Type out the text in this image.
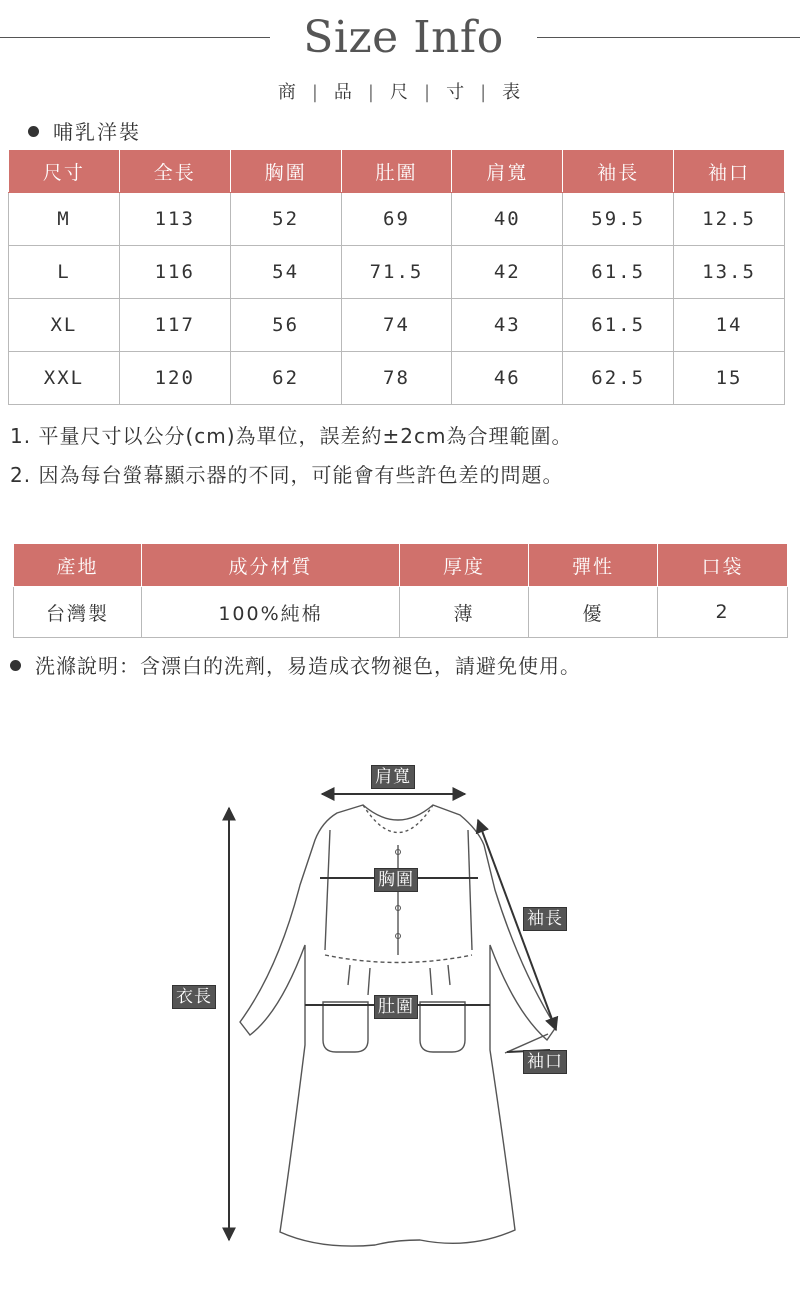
Size Info
商 | 品 | 尺 | 寸 | 表
哺乳洋裝
尺寸	全長	胸圍	肚圍	肩寬	袖長	袖口
M	113	52	69	40	59.5	12.5
L	116	54	71.5	42	61.5	13.5
XL	117	56	74	43	61.5	14
XXL	120	62	78	46	62.5	15
1. 平量尺寸以公分(cm)為單位，誤差約±2cm為合理範圍。
2. 因為每台螢幕顯示器的不同，可能會有些許色差的問題。
產地	成分材質	厚度	彈性	口袋
台灣製	100%純棉	薄	優	2
洗滌說明：含漂白的洗劑，易造成衣物褪色，請避免使用。
肩寬
胸圍
袖長
衣長	肚圍
袖口
